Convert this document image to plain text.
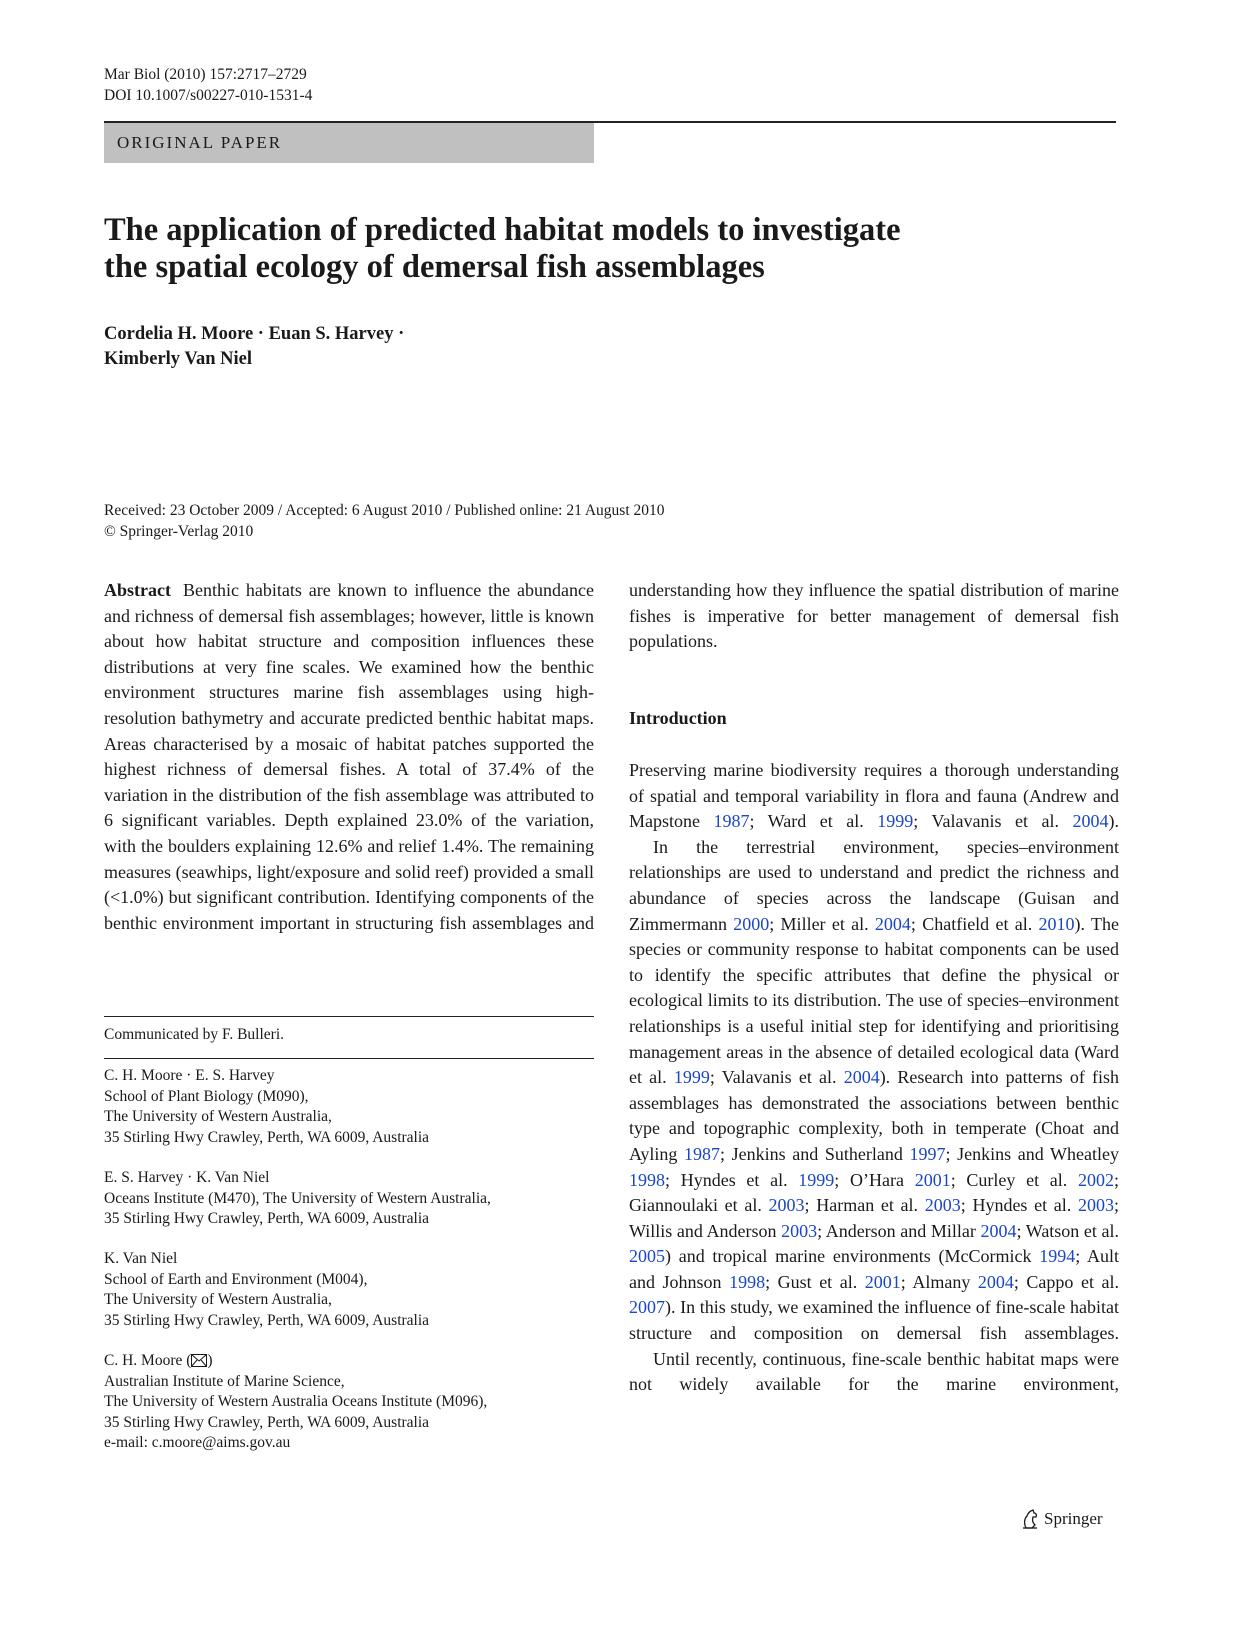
Mar Biol (2010) 157:2717–2729
DOI 10.1007/s00227-010-1531-4
ORIGINAL PAPER
The application of predicted habitat models to investigate
the spatial ecology of demersal fish assemblages
Cordelia H. Moore · Euan S. Harvey ·
Kimberly Van Niel
Received: 23 October 2009 / Accepted: 6 August 2010 / Published online: 21 August 2010
© Springer-Verlag 2010

Abstract Benthic habitats are known to influence the abundance and richness of demersal fish assemblages; however, little is known about how habitat structure and composition influences these distributions at very fine scales. We examined how the benthic environment structures marine fish assemblages using high-resolution bathymetry and accurate predicted benthic habitat maps. Areas characterised by a mosaic of habitat patches supported the highest richness of demersal fishes. A total of 37.4% of the variation in the distribution of the fish assemblage was attributed to 6 significant variables. Depth explained 23.0% of the variation, with the boulders explaining 12.6% and relief 1.4%. The remaining measures (seawhips, light/exposure and solid reef) provided a small (<1.0%) but significant contribution. Identifying components of the benthic environment important in structuring fish assemblages and

Communicated by F. Bulleri.
C. H. Moore · E. S. Harvey
School of Plant Biology (M090),
The University of Western Australia,
35 Stirling Hwy Crawley, Perth, WA 6009, Australia
E. S. Harvey · K. Van Niel
Oceans Institute (M470), The University of Western Australia,
35 Stirling Hwy Crawley, Perth, WA 6009, Australia
K. Van Niel
School of Earth and Environment (M004),
The University of Western Australia,
35 Stirling Hwy Crawley, Perth, WA 6009, Australia
C. H. Moore ( )
Australian Institute of Marine Science,
The University of Western Australia Oceans Institute (M096),
35 Stirling Hwy Crawley, Perth, WA 6009, Australia
e-mail: c.moore@aims.gov.au

understanding how they influence the spatial distribution of marine fishes is imperative for better management of demersal fish populations.

Introduction

Preserving marine biodiversity requires a thorough understanding of spatial and temporal variability in flora and fauna (Andrew and Mapstone 1987; Ward et al. 1999; Valavanis et al. 2004).

In the terrestrial environment, species–environment relationships are used to understand and predict the richness and abundance of species across the landscape (Guisan and Zimmermann 2000; Miller et al. 2004; Chatfield et al. 2010). The species or community response to habitat components can be used to identify the specific attributes that define the physical or ecological limits to its distribution. The use of species–environment relationships is a useful initial step for identifying and prioritising management areas in the absence of detailed ecological data (Ward et al. 1999; Valavanis et al. 2004). Research into patterns of fish assemblages has demonstrated the associations between benthic type and topographic complexity, both in temperate (Choat and Ayling 1987; Jenkins and Sutherland 1997; Jenkins and Wheatley 1998; Hyndes et al. 1999; O’Hara 2001; Curley et al. 2002; Giannoulaki et al. 2003; Harman et al. 2003; Hyndes et al. 2003; Willis and Anderson 2003; Anderson and Millar 2004; Watson et al. 2005) and tropical marine environments (McCormick 1994; Ault and Johnson 1998; Gust et al. 2001; Almany 2004; Cappo et al. 2007). In this study, we examined the influence of fine-scale habitat structure and composition on demersal fish assemblages.

Until recently, continuous, fine-scale benthic habitat maps were not widely available for the marine environment,

Springer
